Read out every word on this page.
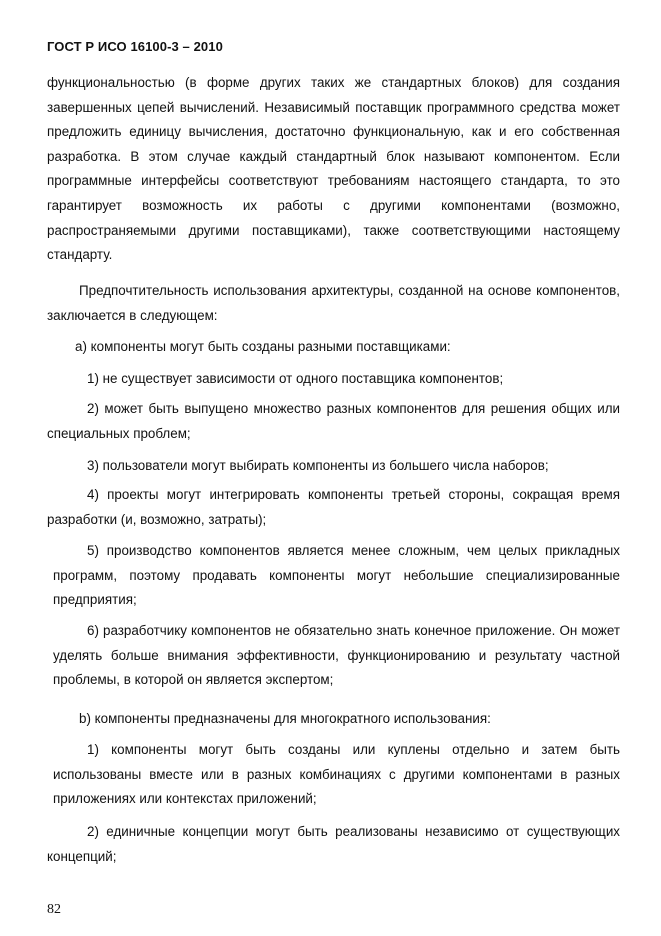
ГОСТ Р ИСО 16100-3 – 2010

функциональностью (в форме других таких же стандартных блоков) для создания завершенных цепей вычислений. Независимый поставщик программного средства может предложить единицу вычисления, достаточно функциональную, как и его собственная разработка. В этом случае каждый стандартный блок называют компонентом. Если программные интерфейсы соответствуют требованиям настоящего стандарта, то это гарантирует возможность их работы с другими компонентами (возможно, распространяемыми другими поставщиками), также соответствующими настоящему стандарту.

Предпочтительность использования архитектуры, созданной на основе компонентов, заключается в следующем:

а) компоненты могут быть созданы разными поставщиками:

1) не существует зависимости от одного поставщика компонентов;

2) может быть выпущено множество разных компонентов для решения общих или специальных проблем;

3) пользователи могут выбирать компоненты из большего числа наборов;

4) проекты могут интегрировать компоненты третьей стороны, сокращая время разработки (и, возможно, затраты);

5) производство компонентов является менее сложным, чем целых прикладных программ, поэтому продавать компоненты могут небольшие специализированные предприятия;

6) разработчику компонентов не обязательно знать конечное приложение. Он может уделять больше внимания эффективности, функционированию и результату частной проблемы, в которой он является экспертом;

b) компоненты предназначены для многократного использования:

1) компоненты могут быть созданы или куплены отдельно и затем быть использованы вместе или в разных комбинациях с другими компонентами в разных приложениях или контекстах приложений;

2) единичные концепции могут быть реализованы независимо от существующих концепций;

82
